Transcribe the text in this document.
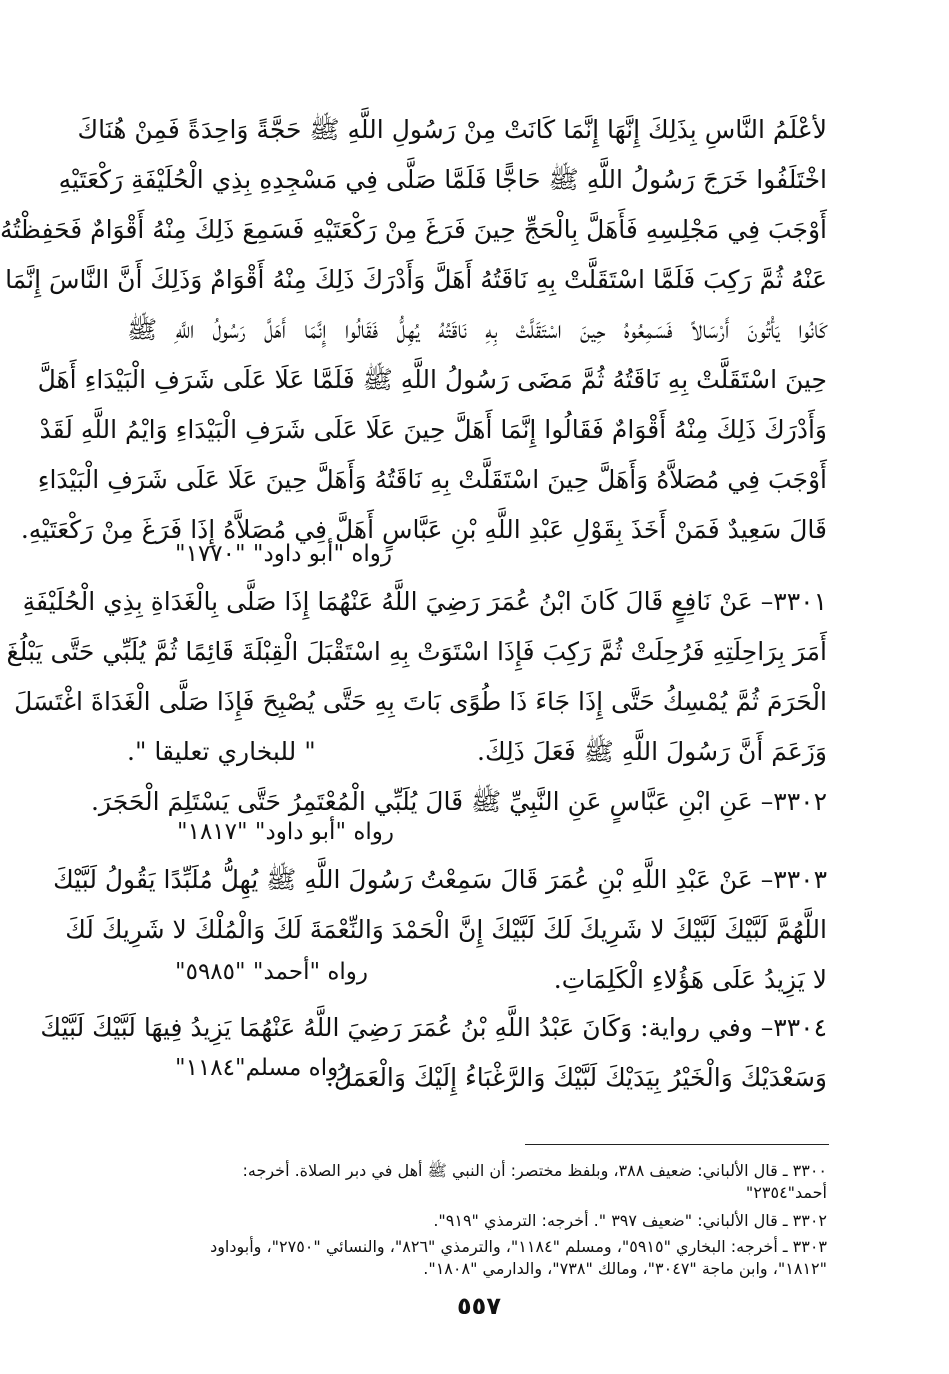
لأعْلَمُ النَّاسِ بِذَلِكَ إِنَّهَا إِنَّمَا كَانَتْ مِنْ رَسُولِ اللَّهِ ﷺ حَجَّةً وَاحِدَةً فَمِنْ هُنَاكَ
اخْتَلَفُوا خَرَجَ رَسُولُ اللَّهِ ﷺ حَاجًّا فَلَمَّا صَلَّى فِي مَسْجِدِهِ بِذِي الْحُلَيْفَةِ رَكْعَتَيْهِ
أَوْجَبَ فِي مَجْلِسِهِ فَأَهَلَّ بِالْحَجِّ حِينَ فَرَغَ مِنْ رَكْعَتَيْهِ فَسَمِعَ ذَلِكَ مِنْهُ أَقْوَامٌ فَحَفِظْتُهُ
عَنْهُ ثُمَّ رَكِبَ فَلَمَّا اسْتَقَلَّتْ بِهِ نَاقَتُهُ أَهَلَّ وَأَدْرَكَ ذَلِكَ مِنْهُ أَقْوَامٌ وَذَلِكَ أَنَّ النَّاسَ إِنَّمَا
كَانُوا يَأْتُونَ أَرْسَالاً فَسَمِعُوهُ حِينَ اسْتَقَلَّتْ بِهِ نَاقَتُهُ يُهِلُّ فَقَالُوا إِنَّمَا أَهَلَّ رَسُولُ اللَّهِ ﷺ
حِينَ اسْتَقَلَّتْ بِهِ نَاقَتُهُ ثُمَّ مَضَى رَسُولُ اللَّهِ ﷺ فَلَمَّا عَلَا عَلَى شَرَفِ الْبَيْدَاءِ أَهَلَّ
وَأَدْرَكَ ذَلِكَ مِنْهُ أَقْوَامٌ فَقَالُوا إِنَّمَا أَهَلَّ حِينَ عَلَا عَلَى شَرَفِ الْبَيْدَاءِ وَايْمُ اللَّهِ لَقَدْ
أَوْجَبَ فِي مُصَلاَّهُ وَأَهَلَّ حِينَ اسْتَقَلَّتْ بِهِ نَاقَتُهُ وَأَهَلَّ حِينَ عَلَا عَلَى شَرَفِ الْبَيْدَاءِ
قَالَ سَعِيدٌ فَمَنْ أَخَذَ بِقَوْلِ عَبْدِ اللَّهِ بْنِ عَبَّاسٍ أَهَلَّ فِي مُصَلاَّهُ إِذَا فَرَغَ مِنْ رَكْعَتَيْهِ.
رواه "أبو داود" "١٧٧٠"
٣٣٠١– عَنْ نَافِعٍ قَالَ كَانَ ابْنُ عُمَرَ رَضِيَ اللَّهُ عَنْهُمَا إِذَا صَلَّى بِالْغَدَاةِ بِذِي الْحُلَيْفَةِ
أَمَرَ بِرَاحِلَتِهِ فَرُحِلَتْ ثُمَّ رَكِبَ فَإِذَا اسْتَوَتْ بِهِ اسْتَقْبَلَ الْقِبْلَةَ قَائِمًا ثُمَّ يُلَبِّي حَتَّى يَبْلُغَ
الْحَرَمَ ثُمَّ يُمْسِكُ حَتَّى إِذَا جَاءَ ذَا طُوًى بَاتَ بِهِ حَتَّى يُصْبِحَ فَإِذَا صَلَّى الْغَدَاةَ اغْتَسَلَ
وَزَعَمَ أَنَّ رَسُولَ اللَّهِ ﷺ فَعَلَ ذَلِكَ.
" للبخاري تعليقا ".
٣٣٠٢– عَنِ ابْنِ عَبَّاسٍ عَنِ النَّبِيِّ ﷺ قَالَ يُلَبِّي الْمُعْتَمِرُ حَتَّى يَسْتَلِمَ الْحَجَرَ.
رواه "أبو داود" "١٨١٧"
٣٣٠٣– عَنْ عَبْدِ اللَّهِ بْنِ عُمَرَ قَالَ سَمِعْتُ رَسُولَ اللَّهِ ﷺ يُهِلُّ مُلَبِّدًا يَقُولُ لَبَّيْكَ
اللَّهُمَّ لَبَّيْكَ لَبَّيْكَ لا شَرِيكَ لَكَ لَبَّيْكَ إِنَّ الْحَمْدَ وَالنِّعْمَةَ لَكَ وَالْمُلْكَ لا شَرِيكَ لَكَ
لا يَزِيدُ عَلَى هَؤُلاءِ الْكَلِمَاتِ.
رواه "أحمد" "٥٩٨٥"
٣٣٠٤– وفي رواية: وَكَانَ عَبْدُ اللَّهِ بْنُ عُمَرَ رَضِيَ اللَّهُ عَنْهُمَا يَزِيدُ فِيهَا لَبَّيْكَ لَبَّيْكَ
وَسَعْدَيْكَ وَالْخَيْرُ بِيَدَيْكَ لَبَّيْكَ وَالرَّغْبَاءُ إِلَيْكَ وَالْعَمَلُ.
رواه مسلم"١١٨٤"
٣٣٠٠ ـ قال الألباني: ضعيف ٣٨٨، وبلفظ مختصر: أن النبي ﷺ أهل في دبر الصلاة. أخرجه:
أحمد"٢٣٥٤"
٣٣٠٢ ـ قال الألباني: "ضعيف ٣٩٧ ". أخرجه: الترمذي "٩١٩".
٣٣٠٣ ـ أخرجه: البخاري "٥٩١٥"، ومسلم "١١٨٤"، والترمذي "٨٢٦"، والنسائي "٢٧٥٠"، وأبوداود
"١٨١٢"، وابن ماجة "٣٠٤٧"، ومالك "٧٣٨"، والدارمي "١٨٠٨".
٥٥٧
